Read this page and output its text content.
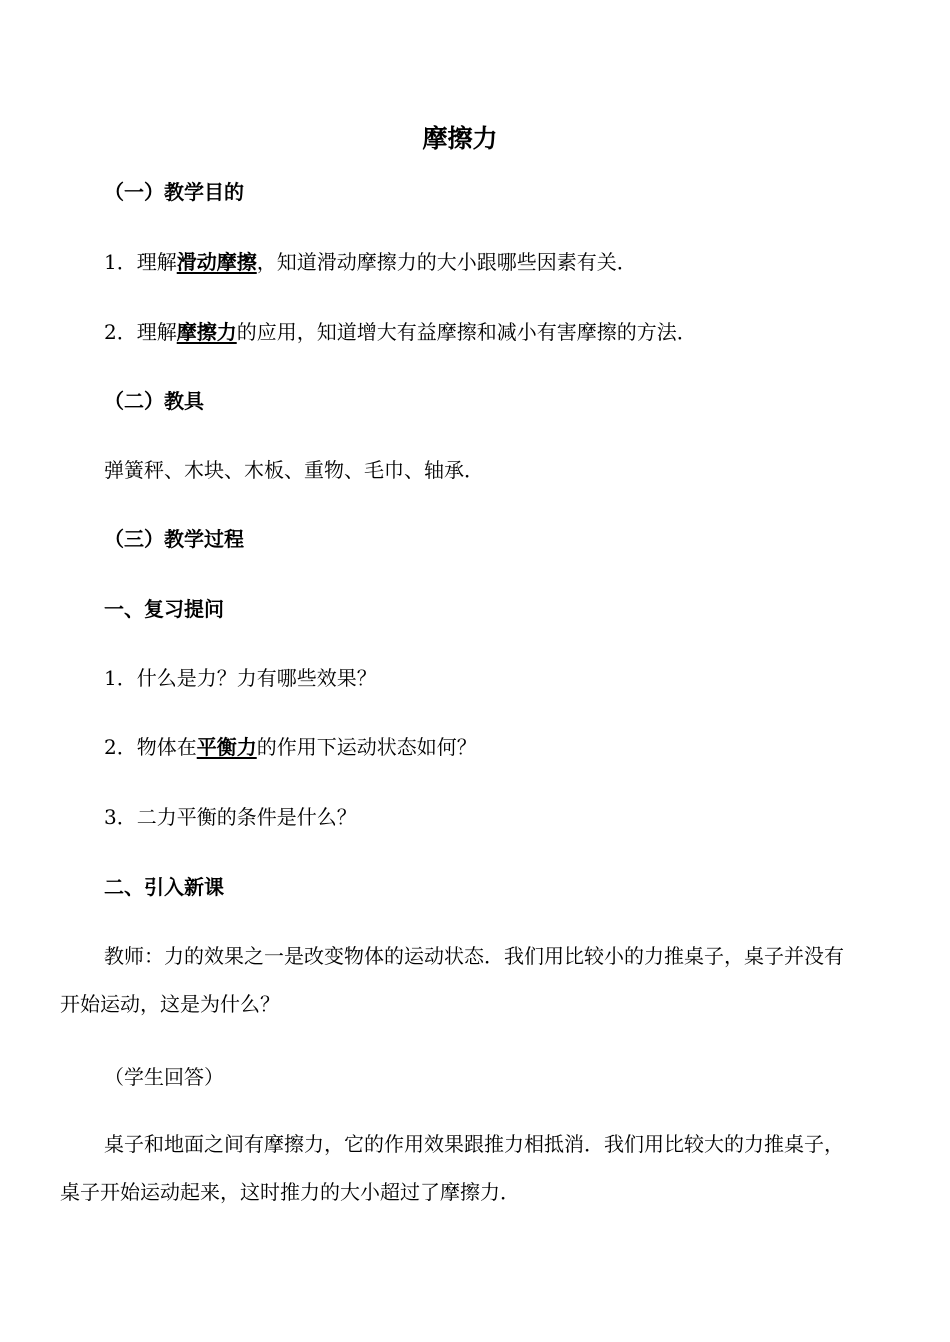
摩擦力
（一）教学目的
1．理解滑动摩擦，知道滑动摩擦力的大小跟哪些因素有关．
2．理解摩擦力的应用，知道增大有益摩擦和减小有害摩擦的方法．
（二）教具
弹簧秤、木块、木板、重物、毛巾、轴承．
（三）教学过程
一、复习提问
1．什么是力？力有哪些效果？
2．物体在平衡力的作用下运动状态如何？
3．二力平衡的条件是什么？
二、引入新课
教师：力的效果之一是改变物体的运动状态．我们用比较小的力推桌子，桌子并没有开始运动，这是为什么？
（学生回答）
桌子和地面之间有摩擦力，它的作用效果跟推力相抵消．我们用比较大的力推桌子，桌子开始运动起来，这时推力的大小超过了摩擦力．
